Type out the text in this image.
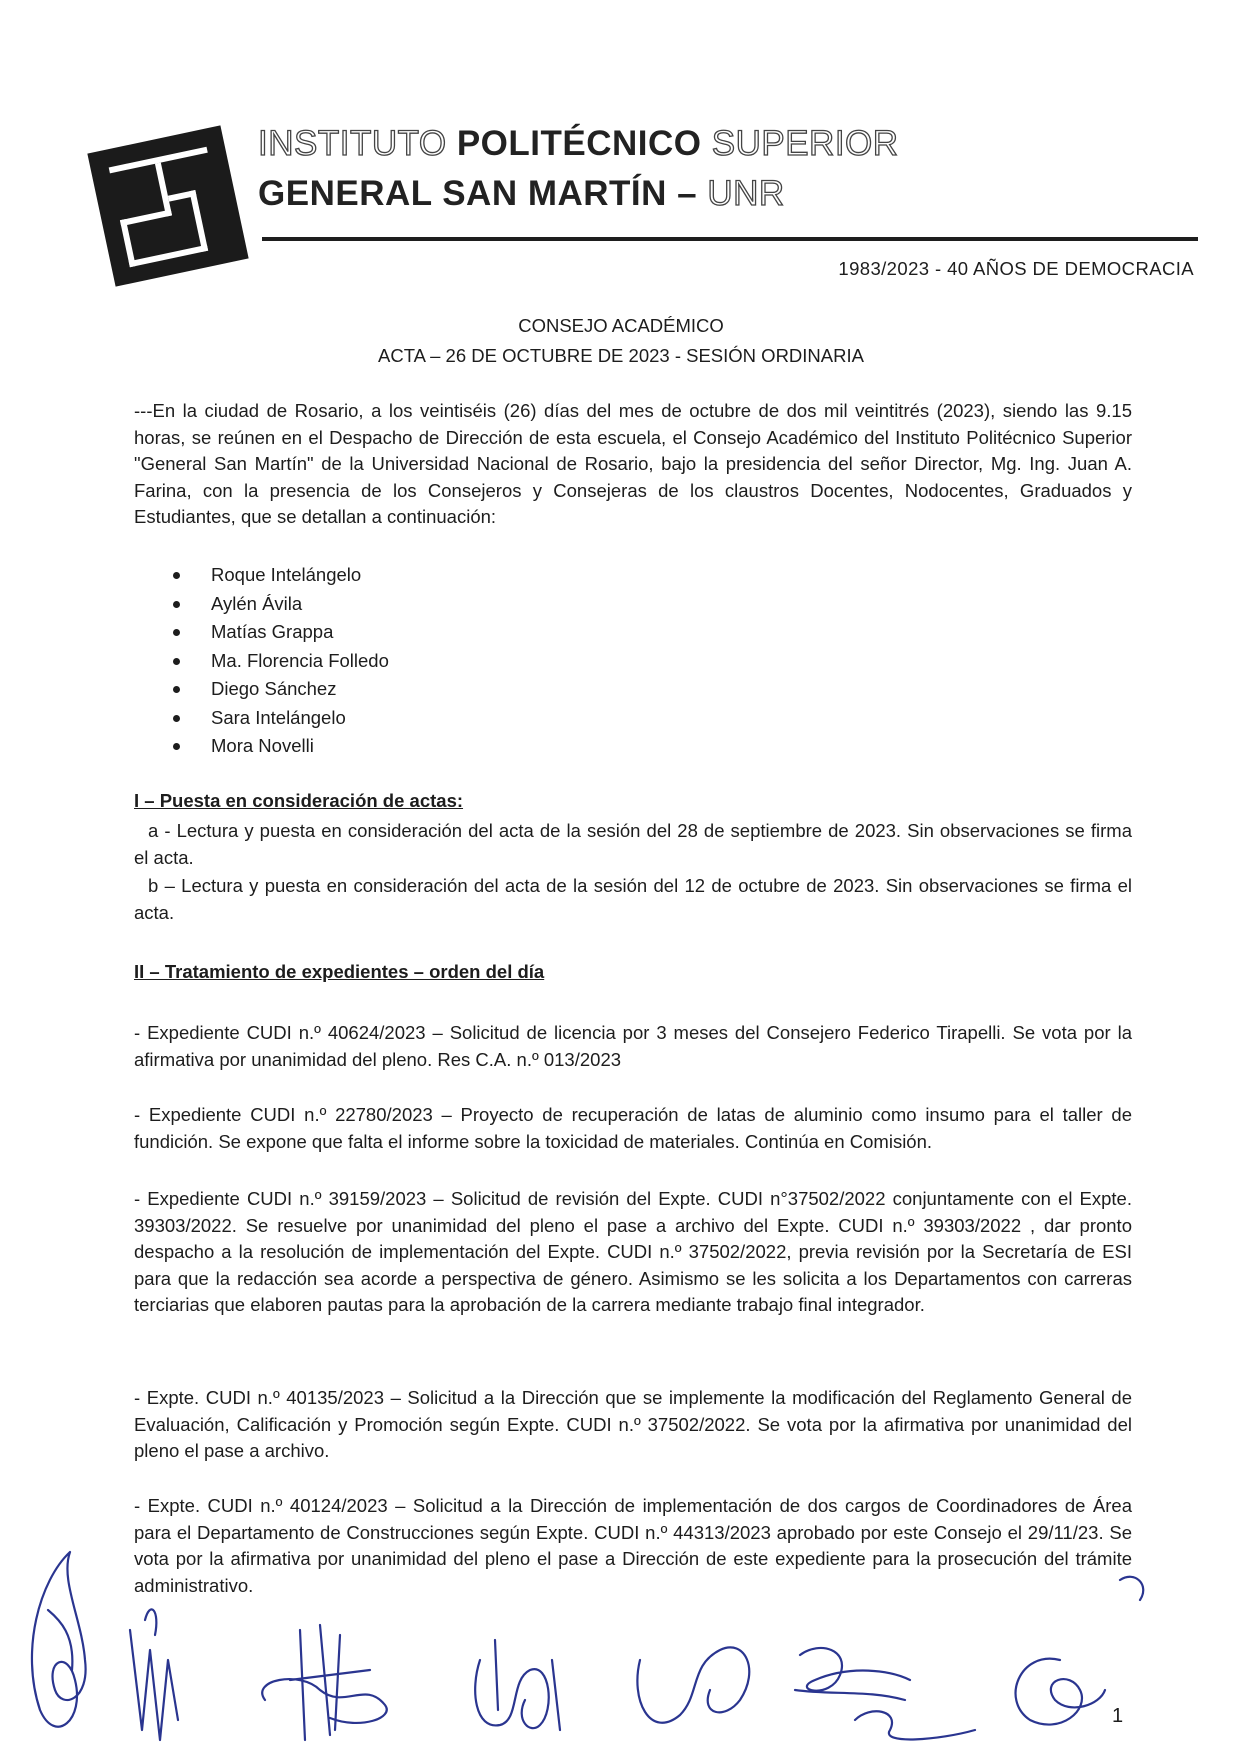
INSTITUTO POLITÉCNICO SUPERIOR
GENERAL SAN MARTÍN – UNR
1983/2023 - 40 AÑOS DE DEMOCRACIA
CONSEJO ACADÉMICO
ACTA – 26 DE OCTUBRE DE 2023 - SESIÓN ORDINARIA

---En la ciudad de Rosario, a los veintiséis (26) días del mes de octubre de dos mil veintitrés (2023), siendo las 9.15 horas, se reúnen en el Despacho de Dirección de esta escuela, el Consejo Académico del Instituto Politécnico Superior "General San Martín" de la Universidad Nacional de Rosario, bajo la presidencia del señor Director, Mg. Ing. Juan A. Farina, con la presencia de los Consejeros y Consejeras de los claustros Docentes, Nodocentes, Graduados y Estudiantes, que se detallan a continuación:

Roque Intelángelo
Aylén Ávila
Matías Grappa
Ma. Florencia Folledo
Diego Sánchez
Sara Intelángelo
Mora Novelli
I – Puesta en consideración de actas:

a - Lectura y puesta en consideración del acta de la sesión del 28 de septiembre de 2023. Sin observaciones se firma el acta.

b – Lectura y puesta en consideración del acta de la sesión del 12 de octubre de 2023. Sin observaciones se firma el acta.

II – Tratamiento de expedientes – orden del día

- Expediente CUDI n.º 40624/2023 – Solicitud de licencia por 3 meses del Consejero Federico Tirapelli. Se vota por la afirmativa por unanimidad del pleno. Res C.A. n.º 013/2023

- Expediente CUDI n.º 22780/2023 – Proyecto de recuperación de latas de aluminio como insumo para el taller de fundición. Se expone que falta el informe sobre la toxicidad de materiales. Continúa en Comisión.

- Expediente CUDI n.º 39159/2023 – Solicitud de revisión del Expte. CUDI n°37502/2022 conjuntamente con el Expte. 39303/2022. Se resuelve por unanimidad del pleno el pase a archivo del Expte. CUDI n.º 39303/2022 , dar pronto despacho a la resolución de implementación del Expte. CUDI n.º 37502/2022, previa revisión por la Secretaría de ESI para que la redacción sea acorde a perspectiva de género. Asimismo se les solicita a los Departamentos con carreras terciarias que elaboren pautas para la aprobación de la carrera mediante trabajo final integrador.

- Expte. CUDI n.º 40135/2023 – Solicitud a la Dirección que se implemente la modificación del Reglamento General de Evaluación, Calificación y Promoción según Expte. CUDI n.º 37502/2022. Se vota por la afirmativa por unanimidad del pleno el pase a archivo.

- Expte. CUDI n.º 40124/2023 – Solicitud a la Dirección de implementación de dos cargos de Coordinadores de Área para el Departamento de Construcciones según Expte. CUDI n.º 44313/2023 aprobado por este Consejo el 29/11/23. Se vota por la afirmativa por unanimidad del pleno el pase a Dirección de este expediente para la prosecución del trámite administrativo.

1
